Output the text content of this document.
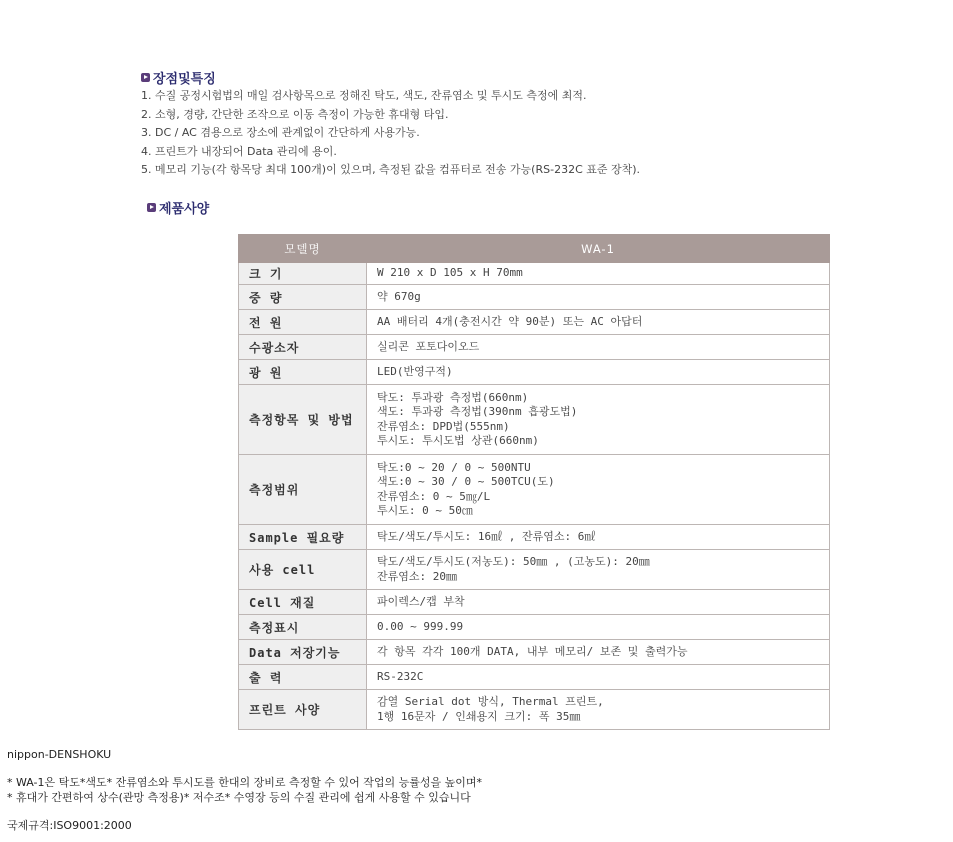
장점및특징
1. 수질 공정시험법의 매일 검사항목으로 정해진 탁도, 색도, 잔류염소 및 투시도 측정에 최적.
2. 소형, 경량, 간단한 조작으로 이동 측정이 가능한 휴대형 타입.
3. DC / AC 겸용으로 장소에 관계없이 간단하게 사용가능.
4. 프린트가 내장되어 Data 관리에 용이.
5. 메모리 기능(각 항목당 최대 100개)이 있으며, 측정된 값을 컴퓨터로 전송 가능(RS-232C 표준 장착).
제품사양
모델명	WA-1
크 기	W 210 x D 105 x H 70mm

중 량	약 670g

전 원	AA 배터리 4개(충전시간 약 90분) 또는 AC 아답터

수광소자	실리콘 포토다이오드

광 원	LED(반영구적)

측정항목 및 방법	탁도: 투과광 측정법(660nm)
색도: 투과광 측정법(390nm 흡광도법)
잔류염소: DPD법(555nm)
투시도: 투시도법 상관(660nm)

측정범위	탁도:0 ~ 20 / 0 ~ 500NTU
색도:0 ~ 30 / 0 ~ 500TCU(도)
잔류염소: 0 ~ 5㎎/L
투시도: 0 ~ 50㎝

Sample 필요량	탁도/색도/투시도: 16㎖ , 잔류염소: 6㎖

사용 cell	탁도/색도/투시도(저농도): 50㎜ , (고농도): 20㎜
잔류염소: 20㎜

Cell 재질	파이렉스/캡 부착

측정표시	0.00 ~ 999.99

Data 저장기능	각 항목 각각 100개 DATA, 내부 메모리/ 보존 및 출력가능

출 력	RS-232C

프린트 사양	감열 Serial dot 방식, Thermal 프린트,
1행 16문자 / 인쇄용지 크기: 폭 35㎜
nippon-DENSHOKU
* WA-1은 탁도*색도* 잔류염소와 투시도를 한대의 장비로 측정할 수 있어 작업의 능률성을 높이며*
* 휴대가 간편하여 상수(관망 측정용)* 저수조* 수영장 등의 수질 관리에 쉽게 사용할 수 있습니다
국제규격:ISO9001:2000
